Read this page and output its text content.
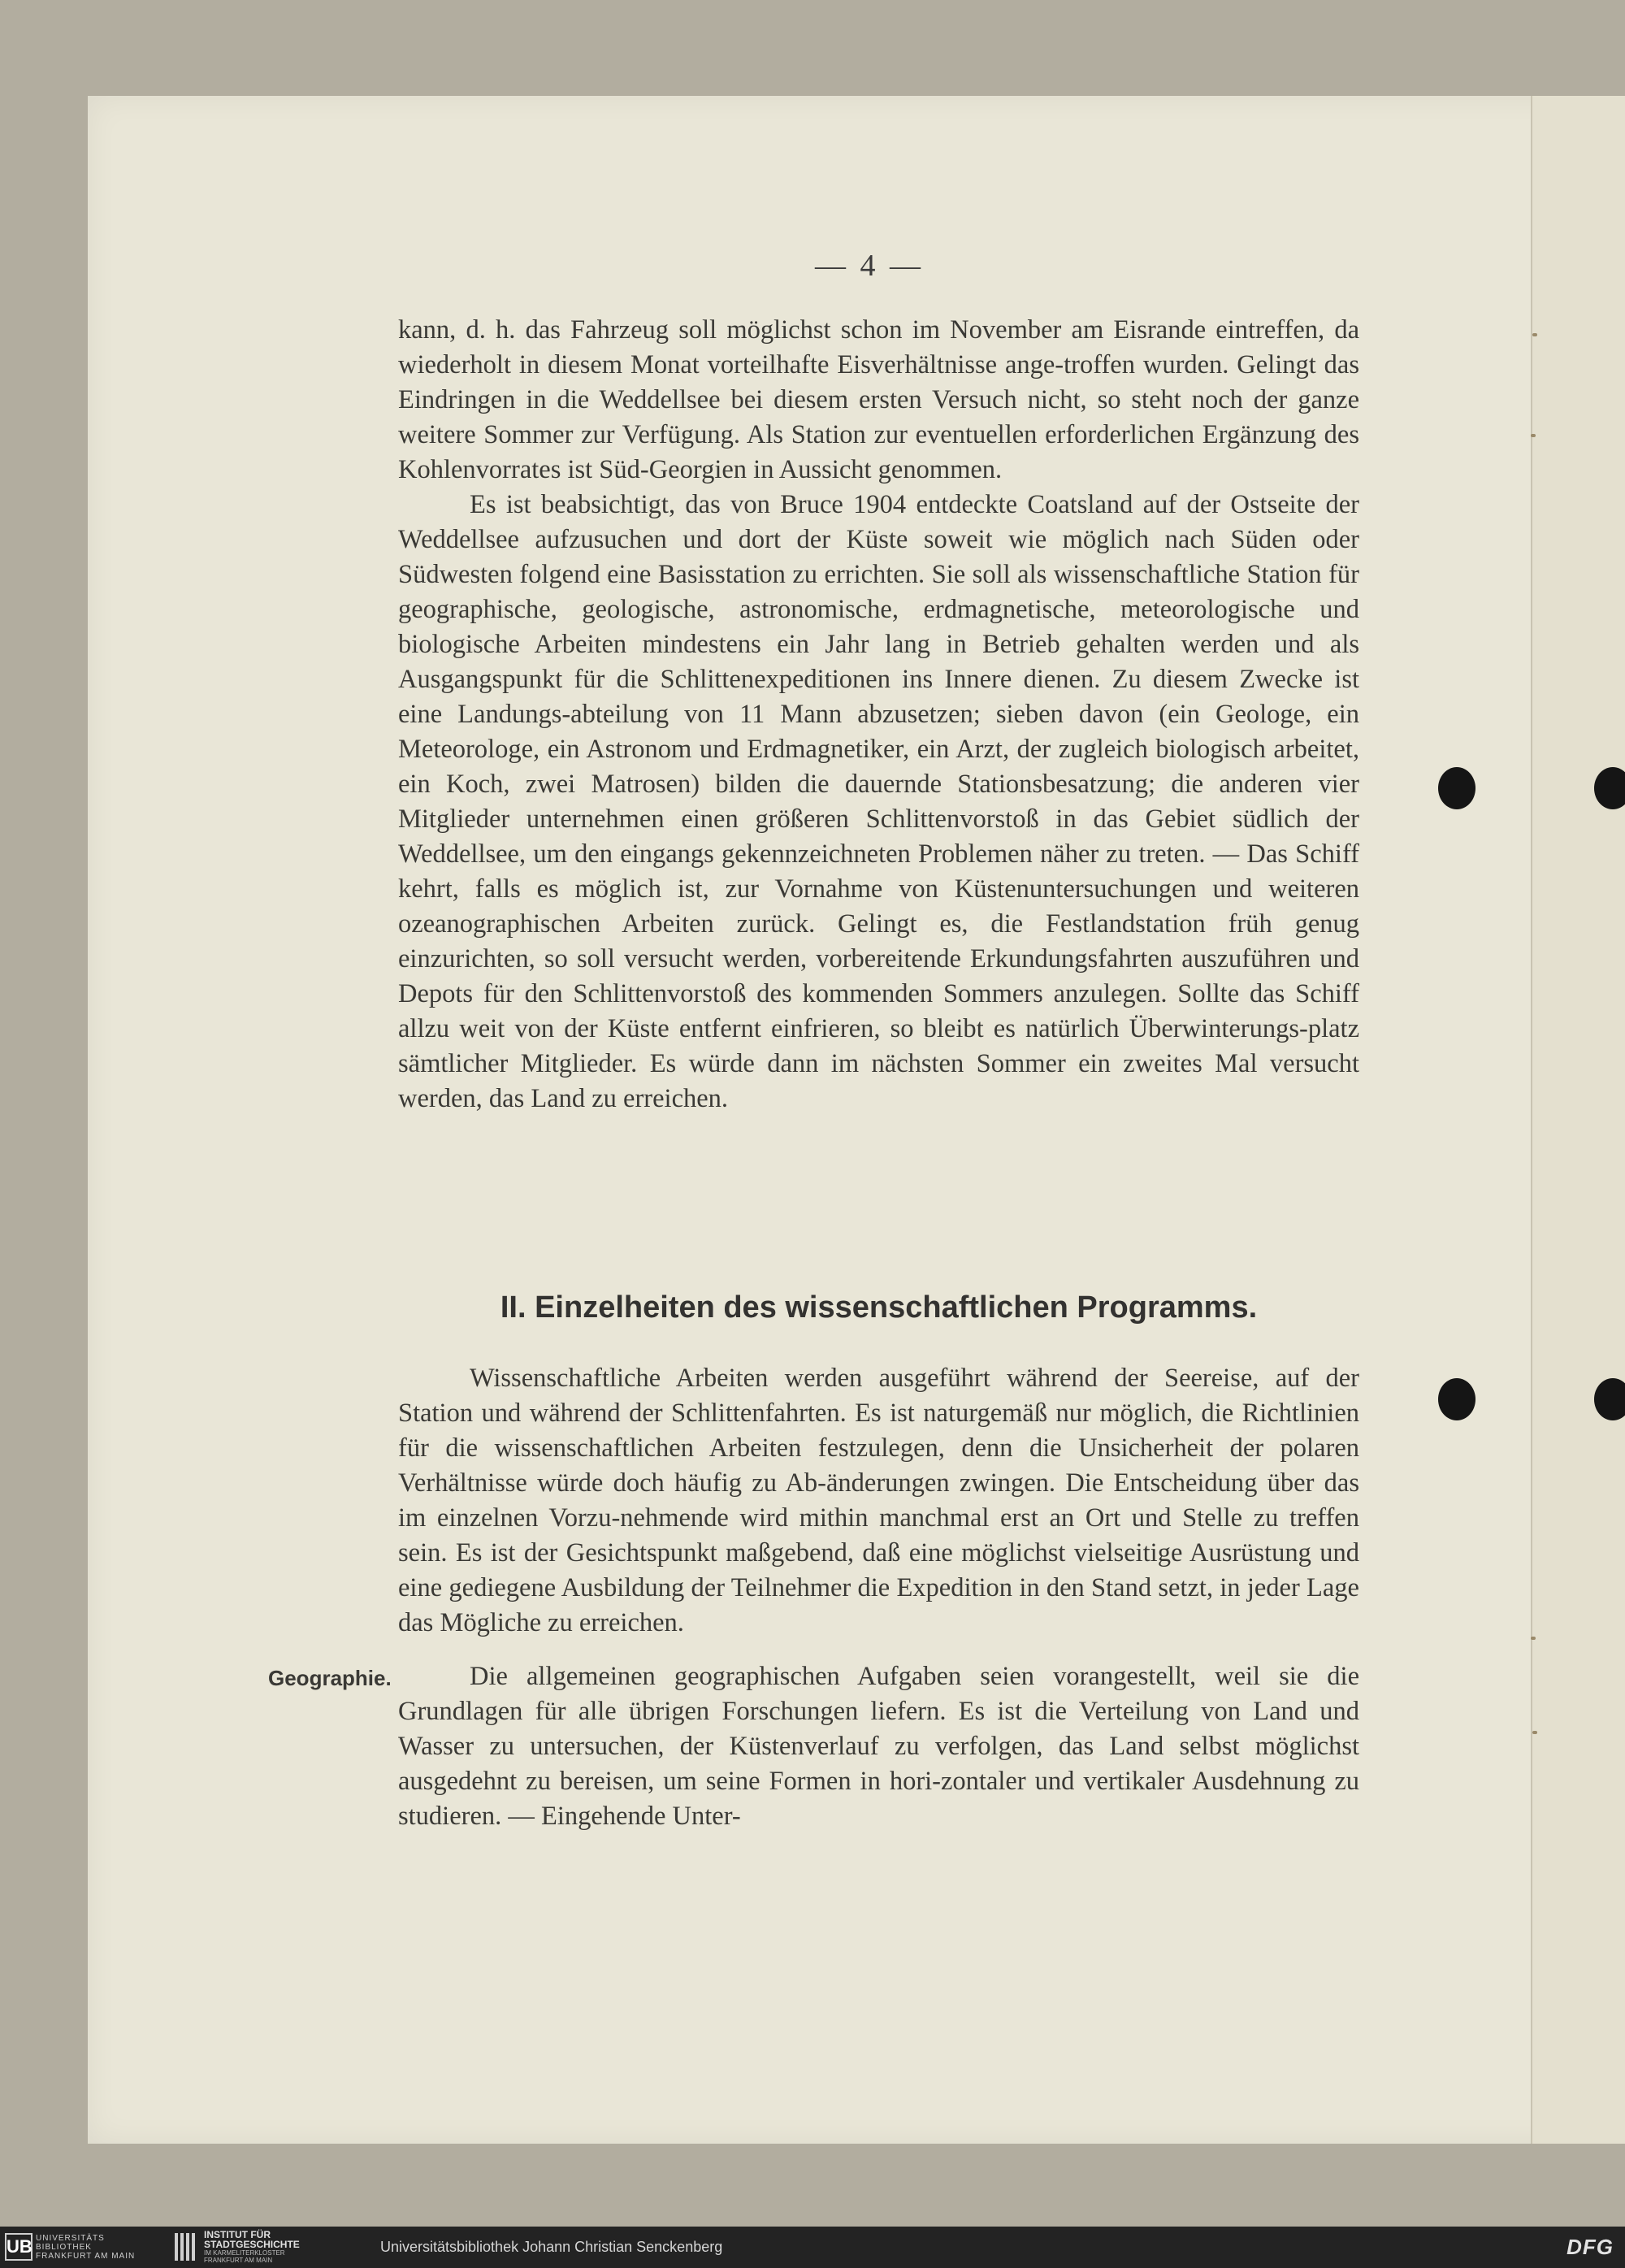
— 4 —

kann, d. h. das Fahrzeug soll möglichst schon im November am Eisrande eintreffen, da wiederholt in diesem Monat vorteilhafte Eisverhältnisse ange-troffen wurden. Gelingt das Eindringen in die Weddellsee bei diesem ersten Versuch nicht, so steht noch der ganze weitere Sommer zur Verfügung. Als Station zur eventuellen erforderlichen Ergänzung des Kohlenvorrates ist Süd-Georgien in Aussicht genommen.

Es ist beabsichtigt, das von Bruce 1904 entdeckte Coatsland auf der Ostseite der Weddellsee aufzusuchen und dort der Küste soweit wie möglich nach Süden oder Südwesten folgend eine Basisstation zu errichten. Sie soll als wissenschaftliche Station für geographische, geologische, astronomische, erdmagnetische, meteorologische und biologische Arbeiten mindestens ein Jahr lang in Betrieb gehalten werden und als Ausgangspunkt für die Schlittenexpeditionen ins Innere dienen. Zu diesem Zwecke ist eine Landungs-abteilung von 11 Mann abzusetzen; sieben davon (ein Geologe, ein Meteorologe, ein Astronom und Erdmagnetiker, ein Arzt, der zugleich biologisch arbeitet, ein Koch, zwei Matrosen) bilden die dauernde Stationsbesatzung; die anderen vier Mitglieder unternehmen einen größeren Schlittenvorstoß in das Gebiet südlich der Weddellsee, um den eingangs gekennzeichneten Problemen näher zu treten. — Das Schiff kehrt, falls es möglich ist, zur Vornahme von Küstenuntersuchungen und weiteren ozeanographischen Arbeiten zurück. Gelingt es, die Festlandstation früh genug einzurichten, so soll versucht werden, vorbereitende Erkundungsfahrten auszuführen und Depots für den Schlittenvorstoß des kommenden Sommers anzulegen. Sollte das Schiff allzu weit von der Küste entfernt einfrieren, so bleibt es natürlich Überwinterungs-platz sämtlicher Mitglieder. Es würde dann im nächsten Sommer ein zweites Mal versucht werden, das Land zu erreichen.

II. Einzelheiten des wissenschaftlichen Programms.

Wissenschaftliche Arbeiten werden ausgeführt während der Seereise, auf der Station und während der Schlittenfahrten. Es ist naturgemäß nur möglich, die Richtlinien für die wissenschaftlichen Arbeiten festzulegen, denn die Unsicherheit der polaren Verhältnisse würde doch häufig zu Ab-änderungen zwingen. Die Entscheidung über das im einzelnen Vorzu-nehmende wird mithin manchmal erst an Ort und Stelle zu treffen sein. Es ist der Gesichtspunkt maßgebend, daß eine möglichst vielseitige Ausrüstung und eine gediegene Ausbildung der Teilnehmer die Expedition in den Stand setzt, in jeder Lage das Mögliche zu erreichen.

Geographie.	Die allgemeinen geographischen Aufgaben seien vorangestellt, weil sie die Grundlagen für alle übrigen Forschungen liefern. Es ist die Verteilung von Land und Wasser zu untersuchen, der Küstenverlauf zu verfolgen, das Land selbst möglichst ausgedehnt zu bereisen, um seine Formen in hori-zontaler und vertikaler Ausdehnung zu studieren. — Eingehende Unter-

UB UNIVERSITÄTS
BIBLIOTHEK
FRANKFURT AM MAIN
INSTITUT FÜR
STADTGESCHICHTE
IM KARMELITERKLOSTER
FRANKFURT AM MAIN
Universitätsbibliothek Johann Christian Senckenberg	DFG
